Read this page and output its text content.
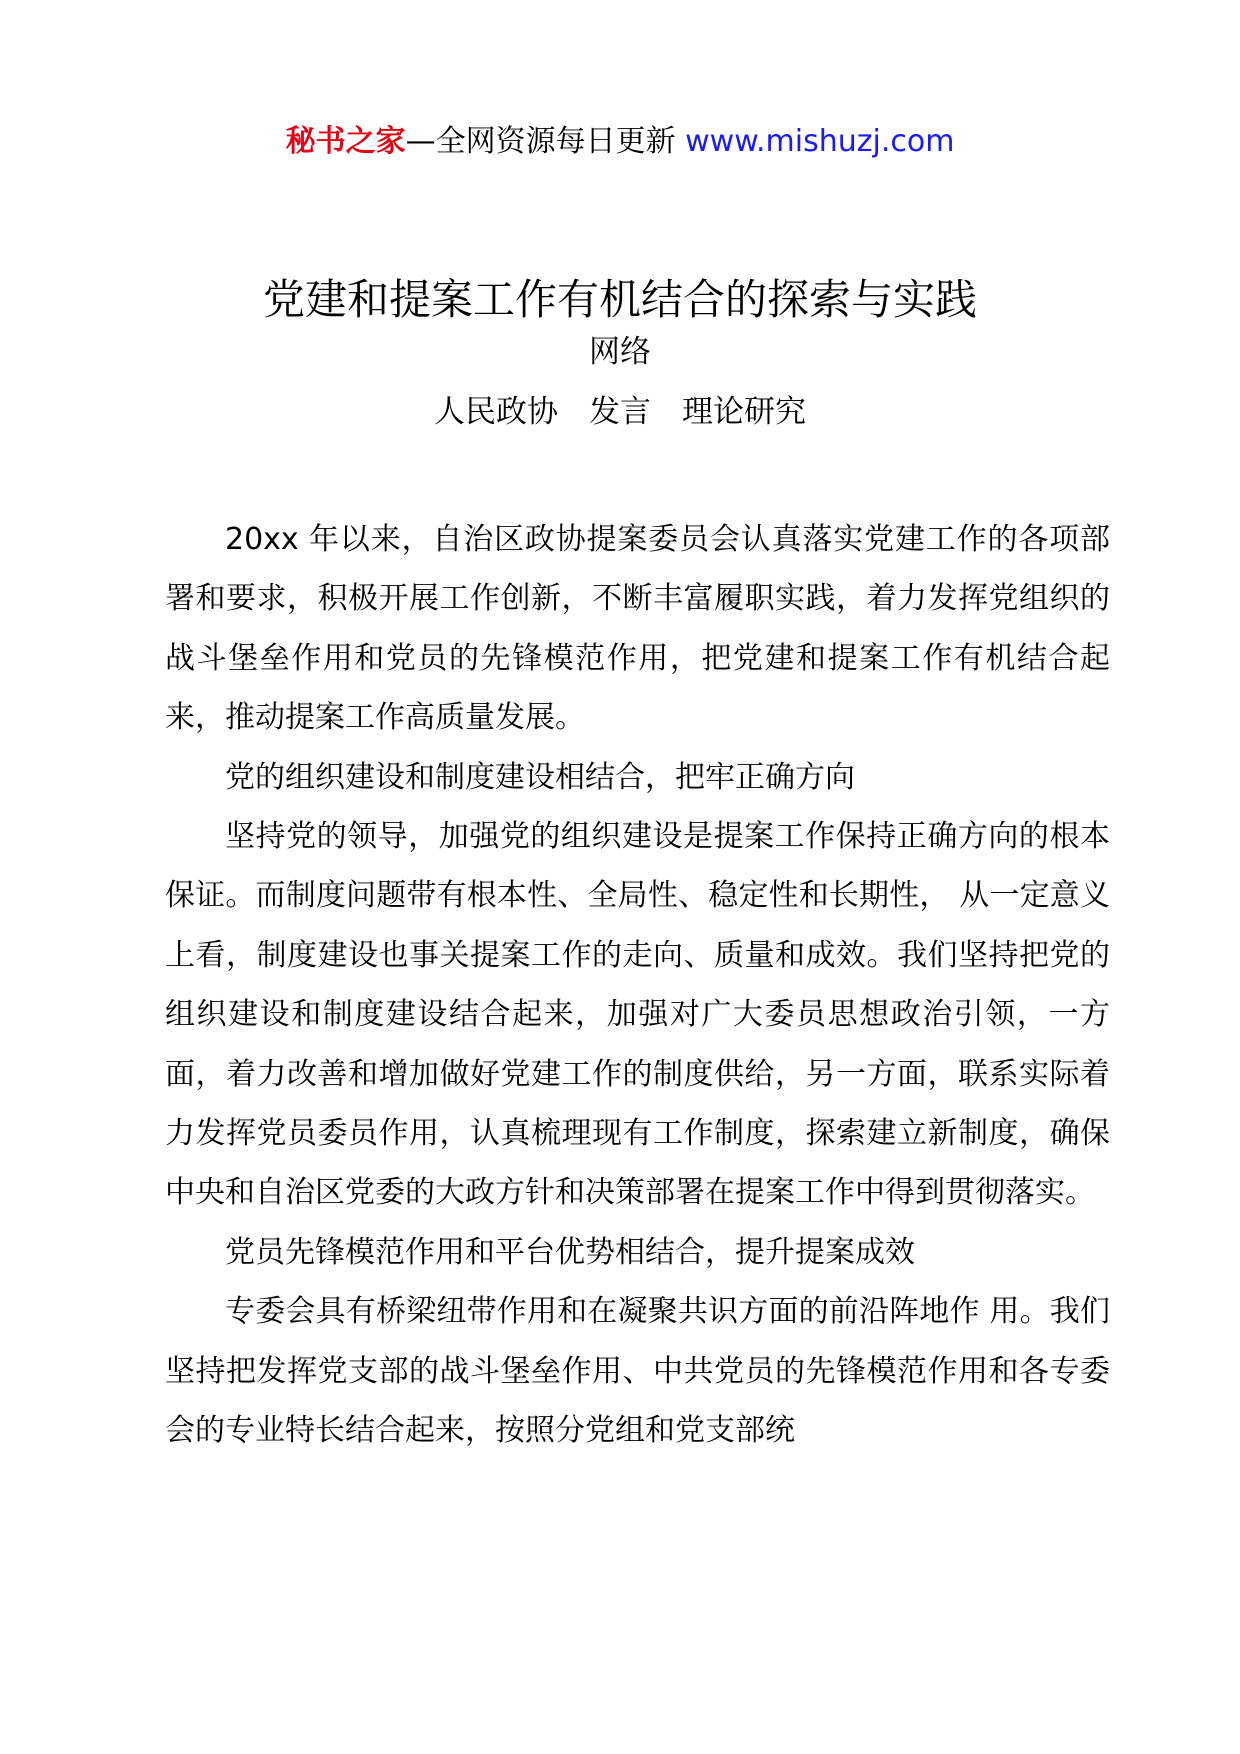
秘书之家—全网资源每日更新 www.mishuzj.com
党建和提案工作有机结合的探索与实践
网络
人民政协　发言　理论研究

20xx 年以来，自治区政协提案委员会认真落实党建工作的各项部署和要求，积极开展工作创新，不断丰富履职实践，着力发挥党组织的战斗堡垒作用和党员的先锋模范作用，把党建和提案工作有机结合起来，推动提案工作高质量发展。

党的组织建设和制度建设相结合，把牢正确方向

坚持党的领导，加强党的组织建设是提案工作保持正确方向的根本保证。而制度问题带有根本性、全局性、稳定性和长期性， 从一定意义上看，制度建设也事关提案工作的走向、质量和成效。我们坚持把党的组织建设和制度建设结合起来，加强对广大委员思想政治引领，一方面，着力改善和增加做好党建工作的制度供给，另一方面，联系实际着力发挥党员委员作用，认真梳理现有工作制度，探索建立新制度，确保中央和自治区党委的大政方针和决策部署在提案工作中得到贯彻落实。

党员先锋模范作用和平台优势相结合，提升提案成效

专委会具有桥梁纽带作用和在凝聚共识方面的前沿阵地作 用。我们坚持把发挥党支部的战斗堡垒作用、中共党员的先锋模范作用和各专委会的专业特长结合起来，按照分党组和党支部统
